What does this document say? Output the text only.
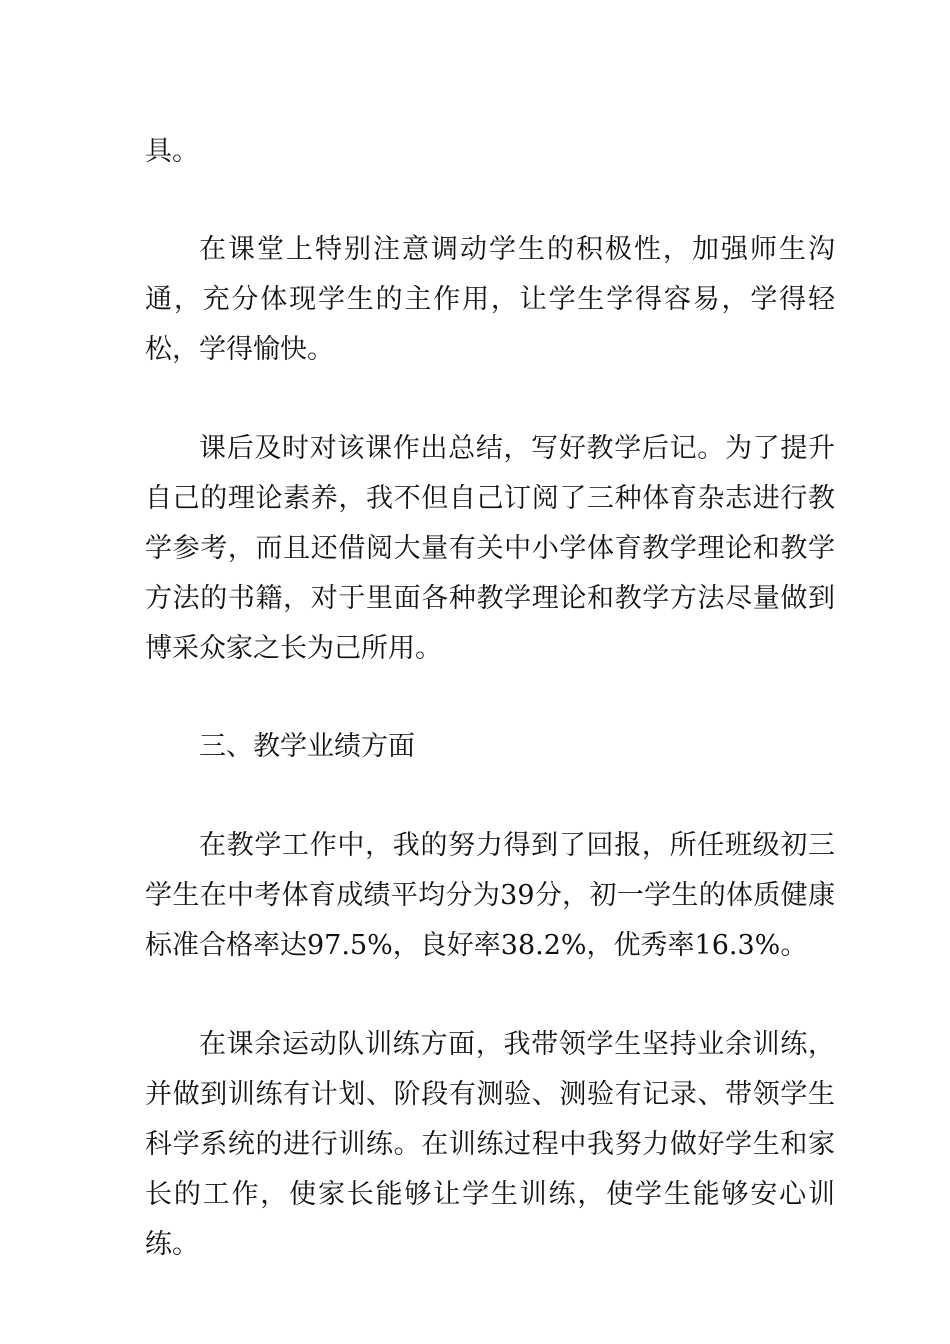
具。

在课堂上特别注意调动学生的积极性，加强师生沟通，充分体现学生的主作用，让学生学得容易，学得轻松，学得愉快。

课后及时对该课作出总结，写好教学后记。为了提升自己的理论素养，我不但自己订阅了三种体育杂志进行教学参考，而且还借阅大量有关中小学体育教学理论和教学方法的书籍，对于里面各种教学理论和教学方法尽量做到博采众家之长为己所用。

三、教学业绩方面

在教学工作中，我的努力得到了回报，所任班级初三学生在中考体育成绩平均分为39分，初一学生的体质健康标准合格率达97.5%，良好率38.2%，优秀率16.3%。

在课余运动队训练方面，我带领学生坚持业余训练，并做到训练有计划、阶段有测验、测验有记录、带领学生科学系统的进行训练。在训练过程中我努力做好学生和家长的工作，使家长能够让学生训练，使学生能够安心训练。
